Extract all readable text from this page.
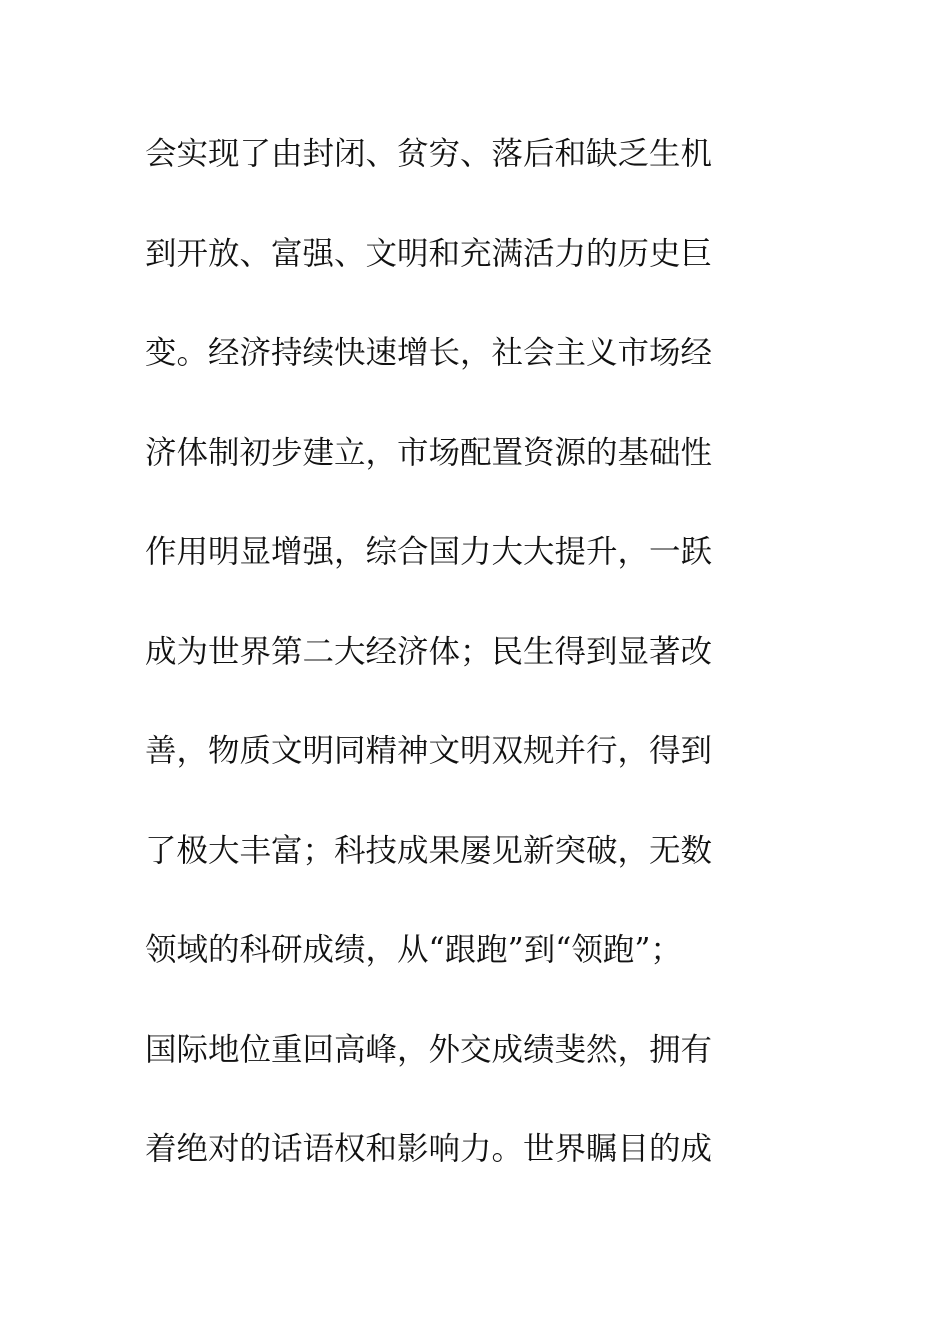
会实现了由封闭、贫穷、落后和缺乏生机
到开放、富强、文明和充满活力的历史巨
变。经济持续快速增长，社会主义市场经
济体制初步建立，市场配置资源的基础性
作用明显增强，综合国力大大提升，一跃
成为世界第二大经济体；民生得到显著改
善，物质文明同精神文明双规并行，得到
了极大丰富；科技成果屡见新突破，无数
领域的科研成绩，从“跟跑”到“领跑”；
国际地位重回高峰，外交成绩斐然，拥有
着绝对的话语权和影响力。世界瞩目的成
